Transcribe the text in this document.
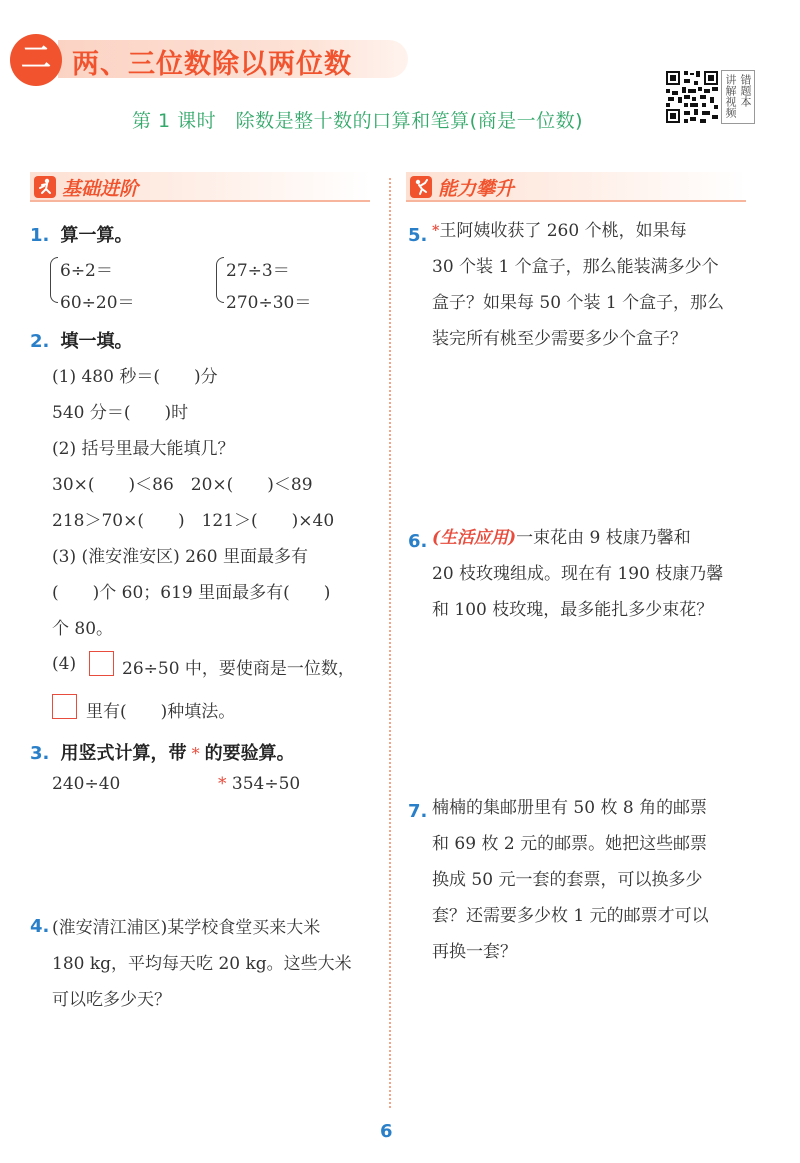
二 两、三位数除以两位数
第 1 课时　除数是整十数的口算和笔算(商是一位数)
错题本
讲解视频
基础进阶	能力攀升
1. 算一算。
6÷2＝
60÷20＝
27÷3＝
270÷30＝
2. 填一填。
(1) 480 秒＝(　　)分
540 分＝(　　)时
(2) 括号里最大能填几？
30×(　　)＜86　20×(　　)＜89
218＞70×(　　)　121＞(　　)×40
(3) (淮安淮安区) 260 里面最多有
(　　)个 60；619 里面最多有(　　)
个 80。
(4)	26÷50 中，要使商是一位数，
里有(　　)种填法。
3. 用竖式计算，带 * 的要验算。
240÷40	* 354÷50
4. (淮安清江浦区)某学校食堂买来大米
180 kg，平均每天吃 20 kg。这些大米
可以吃多少天？
5. *王阿姨收获了 260 个桃，如果每
30 个装 1 个盒子，那么能装满多少个
盒子？如果每 50 个装 1 个盒子，那么
装完所有桃至少需要多少个盒子？
6. (生活应用)一束花由 9 枝康乃馨和
20 枝玫瑰组成。现在有 190 枝康乃馨
和 100 枝玫瑰，最多能扎多少束花？
7. 楠楠的集邮册里有 50 枚 8 角的邮票
和 69 枚 2 元的邮票。她把这些邮票
换成 50 元一套的套票，可以换多少
套？还需要多少枚 1 元的邮票才可以
再换一套？
6
